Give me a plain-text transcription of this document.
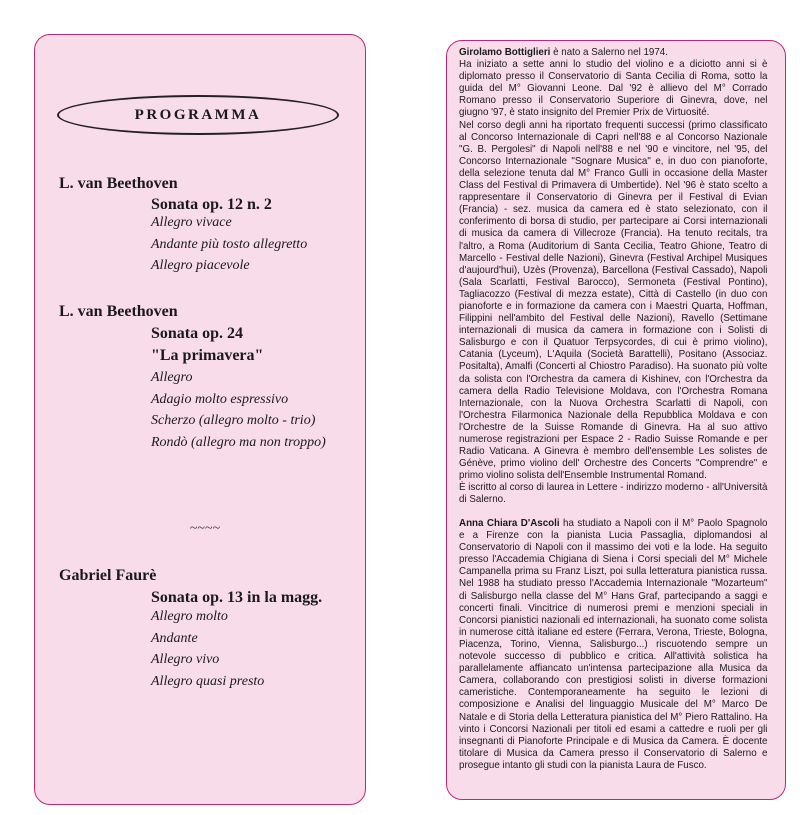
PROGRAMMA
L. van Beethoven
Sonata op. 12 n. 2
Allegro vivace
Andante più tosto allegretto
Allegro piacevole
L. van Beethoven
Sonata op. 24
"La primavera"
Allegro
Adagio molto espressivo
Scherzo (allegro molto - trio)
Rondò (allegro ma non troppo)
~~~~
Gabriel Faurè
Sonata op. 13 in la magg.
Allegro molto
Andante
Allegro vivo
Allegro quasi presto

Girolamo Bottiglieri è nato a Salerno nel 1974.

Ha iniziato a sette anni lo studio del violino e a diciotto anni si è diplomato presso il Conservatorio di Santa Cecilia di Roma, sotto la guida del M° Giovanni Leone. Dal '92 è allievo del M° Corrado Romano presso il Conservatorio Superiore di Ginevra, dove, nel giugno '97, è stato insignito del Premier Prix de Virtuosité.

Nel corso degli anni ha riportato frequenti successi (primo classificato al Concorso Internazionale di Capri nell'88 e al Concorso Nazionale "G. B. Pergolesi" di Napoli nell'88 e nel '90 e vincitore, nel '95, del Concorso Internazionale "Sognare Musica" e, in duo con pianoforte, della selezione tenuta dal M° Franco Gulli in occasione della Master Class del Festival di Primavera di Umbertide). Nel '96 è stato scelto a rappresentare il Conservatorio di Ginevra per il Festival di Evian (Francia) - sez. musica da camera ed è stato selezionato, con il conferimento di borsa di studio, per partecipare ai Corsi internazionali di musica da camera di Villecroze (Francia). Ha tenuto recitals, tra l'altro, a Roma (Auditorium di Santa Cecilia, Teatro Ghione, Teatro di Marcello - Festival delle Nazioni), Ginevra (Festival Archipel Musiques d'aujourd'hui), Uzès (Provenza), Barcellona (Festival Cassado), Napoli (Sala Scarlatti, Festival Barocco), Sermoneta (Festival Pontino), Tagliacozzo (Festival di mezza estate), Città di Castello (in duo con pianoforte e in formazione da camera con i Maestri Quarta, Hoffman, Filippini nell'ambito del Festival delle Nazioni), Ravello (Settimane internazionali di musica da camera in formazione con i Solisti di Salisburgo e con il Quatuor Terpsycordes, di cui è primo violino), Catania (Lyceum), L'Aquila (Società Barattelli), Positano (Associaz. Positalta), Amalfi (Concerti al Chiostro Paradiso). Ha suonato più volte da solista con l'Orchestra da camera di Kishinev, con l'Orchestra da camera della Radio Televisione Moldava, con l'Orchestra Romana Internazionale, con la Nuova Orchestra Scarlatti di Napoli, con l'Orchestra Filarmonica Nazionale della Repubblica Moldava e con l'Orchestre de la Suisse Romande di Ginevra. Ha al suo attivo numerose registrazioni per Espace 2 - Radio Suisse Romande e per Radio Vaticana. A Ginevra è membro dell'ensemble Les solistes de Génève, primo violino dell' Orchestre des Concerts "Comprendre" e primo violino solista dell'Ensemble Instrumental Romand.

È iscritto al corso di laurea in Lettere - indirizzo moderno - all'Università di Salerno.

Anna Chiara D'Ascoli ha studiato a Napoli con il M° Paolo Spagnolo e a Firenze con la pianista Lucia Passaglia, diplomandosi al Conservatorio di Napoli con il massimo dei voti e la lode. Ha seguito presso l'Accademia Chigiana di Siena i Corsi speciali del M° Michele Campanella prima su Franz Liszt, poi sulla letteratura pianistica russa. Nel 1988 ha studiato presso l'Accademia Internazionale "Mozarteum" di Salisburgo nella classe del M° Hans Graf, partecipando a saggi e concerti finali. Vincitrice di numerosi premi e menzioni speciali in Concorsi pianistici nazionali ed internazionali, ha suonato come solista in numerose città italiane ed estere (Ferrara, Verona, Trieste, Bologna, Piacenza, Torino, Vienna, Salisburgo...) riscuotendo sempre un notevole successo di pubblico e critica. All'attività solistica ha parallelamente affiancato un'intensa partecipazione alla Musica da Camera, collaborando con prestigiosi solisti in diverse formazioni cameristiche. Contemporaneamente ha seguito le lezioni di composizione e Analisi del linguaggio Musicale del M° Marco De Natale e di Storia della Letteratura pianistica del M° Piero Rattalino. Ha vinto i Concorsi Nazionali per titoli ed esami a cattedre e ruoli per gli insegnanti di Pianoforte Principale e di Musica da Camera. È docente titolare di Musica da Camera presso il Conservatorio di Salerno e prosegue intanto gli studi con la pianista Laura de Fusco.
